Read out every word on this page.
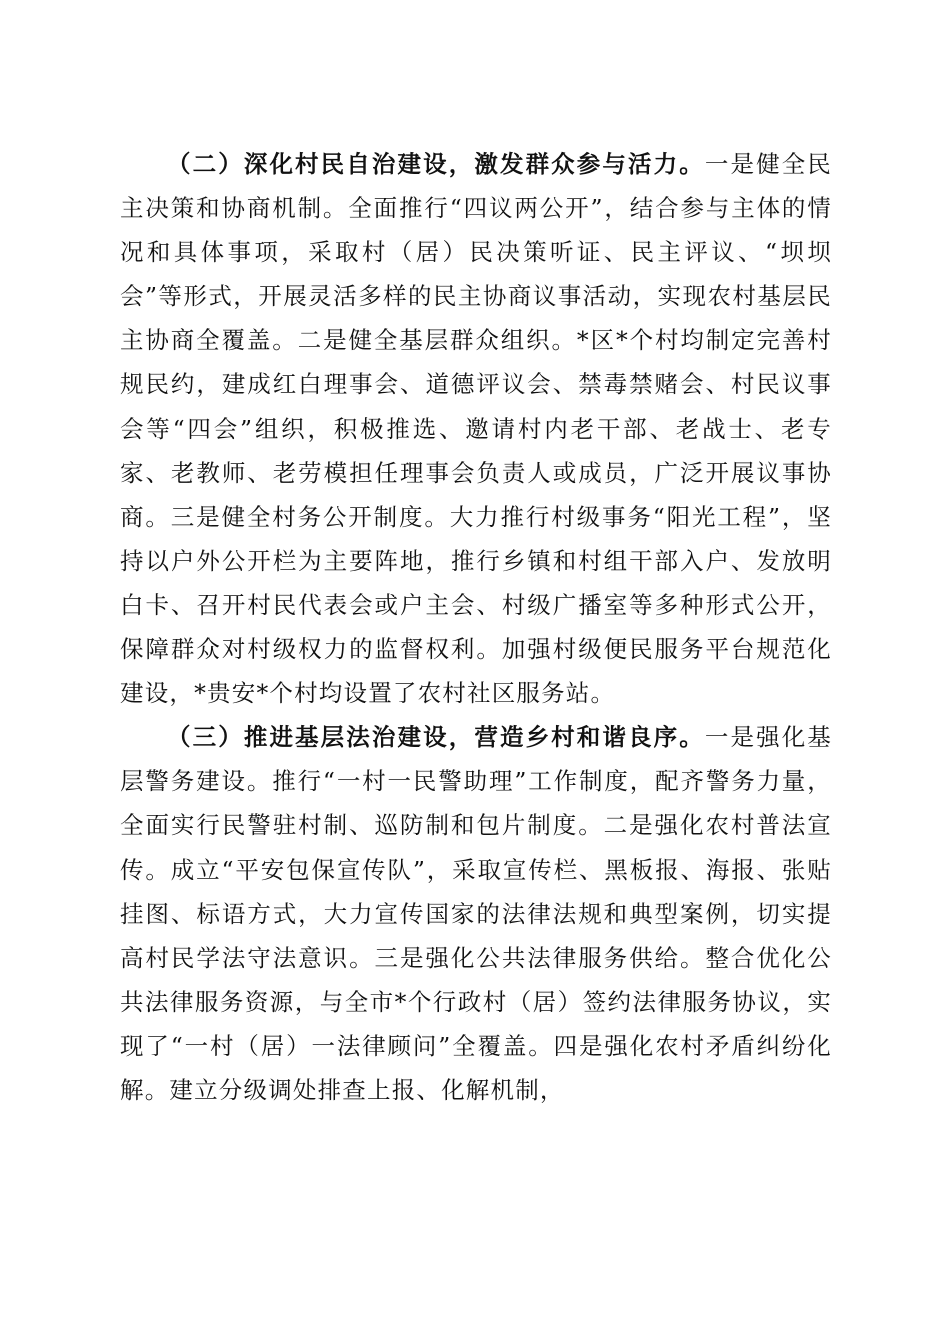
（二）深化村民自治建设，激发群众参与活力。一是健全民主决策和协商机制。全面推行“四议两公开”，结合参与主体的情况和具体事项，采取村（居）民决策听证、民主评议、“坝坝会”等形式，开展灵活多样的民主协商议事活动，实现农村基层民主协商全覆盖。二是健全基层群众组织。*区*个村均制定完善村规民约，建成红白理事会、道德评议会、禁毒禁赌会、村民议事会等“四会”组织，积极推选、邀请村内老干部、老战士、老专家、老教师、老劳模担任理事会负责人或成员，广泛开展议事协商。三是健全村务公开制度。大力推行村级事务“阳光工程”，坚持以户外公开栏为主要阵地，推行乡镇和村组干部入户、发放明白卡、召开村民代表会或户主会、村级广播室等多种形式公开，保障群众对村级权力的监督权利。加强村级便民服务平台规范化建设，*贵安*个村均设置了农村社区服务站。

（三）推进基层法治建设，营造乡村和谐良序。一是强化基层警务建设。推行“一村一民警助理”工作制度，配齐警务力量，全面实行民警驻村制、巡防制和包片制度。二是强化农村普法宣传。成立“平安包保宣传队”，采取宣传栏、黑板报、海报、张贴挂图、标语方式，大力宣传国家的法律法规和典型案例，切实提高村民学法守法意识。三是强化公共法律服务供给。整合优化公共法律服务资源，与全市*个行政村（居）签约法律服务协议，实现了“一村（居）一法律顾问”全覆盖。四是强化农村矛盾纠纷化解。建立分级调处排查上报、化解机制，
